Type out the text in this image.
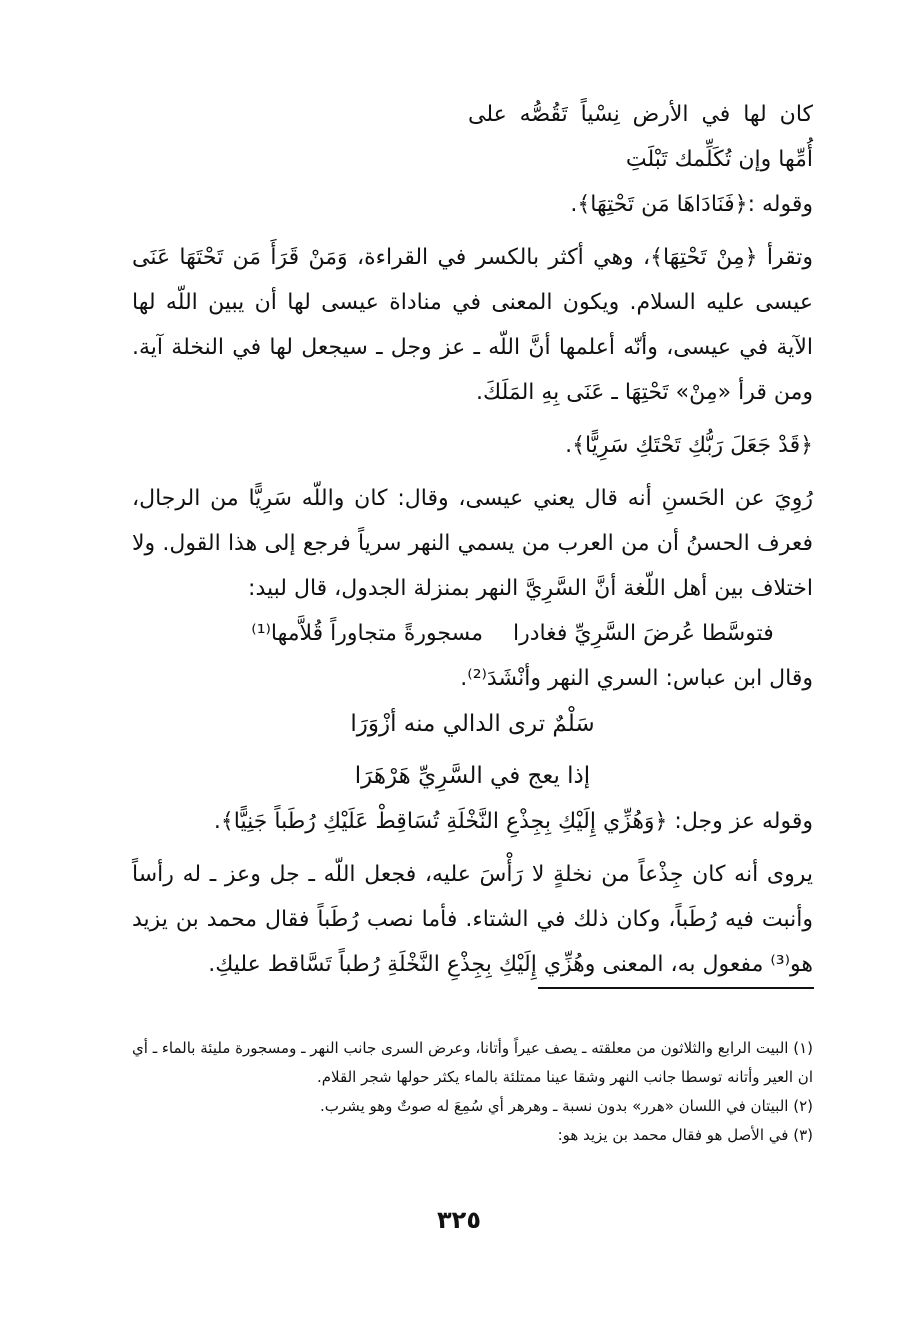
كان لها في الأرض نِسْياً تَقُصُّه على أُمِّها وإن تُكَلِّمك تَبْلَتِ

وقوله :﴿فَنَادَاهَا مَن تَحْتِهَا﴾.

وتقرأ ﴿مِنْ تَحْتِهَا﴾، وهي أكثر بالكسر في القراءة، وَمَنْ قَرَأَ مَن تَحْتَهَا عَنَى عيسى عليه السلام. ويكون المعنى في مناداة عيسى لها أن يبين اللّه لها الآية في عيسى، وأنّه أعلمها أنَّ اللّه ـ عز وجل ـ سيجعل لها في النخلة آية. ومن قرأ «مِنْ» تَحْتِهَا ـ عَنَى بِهِ المَلَكَ.

﴿قَدْ جَعَلَ رَبُّكِ تَحْتَكِ سَرِيًّا﴾.

رُوِيَ عن الحَسنِ أنه قال يعني عيسى، وقال: كان واللّه سَرِيًّا من الرجال، فعرف الحسنُ أن من العرب من يسمي النهر سرياً فرجع إلى هذا القول. ولا اختلاف بين أهل اللّغة أنَّ السَّرِيَّ النهر بمنزلة الجدول، قال لبيد:

فتوسَّطا عُرضَ السَّرِيِّ فغادرا
مسجورةً متجاوراً قُلاَّمها⁽¹⁾

وقال ابن عباس: السري النهر وأنْشَدَ⁽²⁾.

سَلْمٌ ترى الدالي منه أزْوَرَا
إذا يعج في السَّرِيِّ هَرْهَرَا

وقوله عز وجل: ﴿وَهُزِّي إِلَيْكِ بِجِذْعِ النَّخْلَةِ تُسَاقِطْ عَلَيْكِ رُطَباً جَنِيًّا﴾.

يروى أنه كان جِذْعاً من نخلةٍ لا رَأْسَ عليه، فجعل اللّه ـ جل وعز ـ له رأساً وأنبت فيه رُطَباً، وكان ذلك في الشتاء. فأما نصب رُطَباً فقال محمد بن يزيد هو⁽³⁾ مفعول به، المعنى وهُزِّي إِلَيْكِ بِجِذْعِ النَّخْلَةِ رُطباً تَسَّاقط عليكِ.

(١) البيت الرابع والثلاثون من معلقته ـ يصف عيراً وأتانا، وعرض السرى جانب النهر ـ ومسجورة مليئة بالماء ـ أي ان العير وأتانه توسطا جانب النهر وشقا عينا ممتلئة بالماء يكثر حولها شجر القلام.

(٢) البيتان في اللسان «هرر» بدون نسبة ـ وهرهر أي سُمِعَ له صوتٌ وهو يشرب.

(٣) في الأصل هو فقال محمد بن يزيد هو:

٣٢٥
